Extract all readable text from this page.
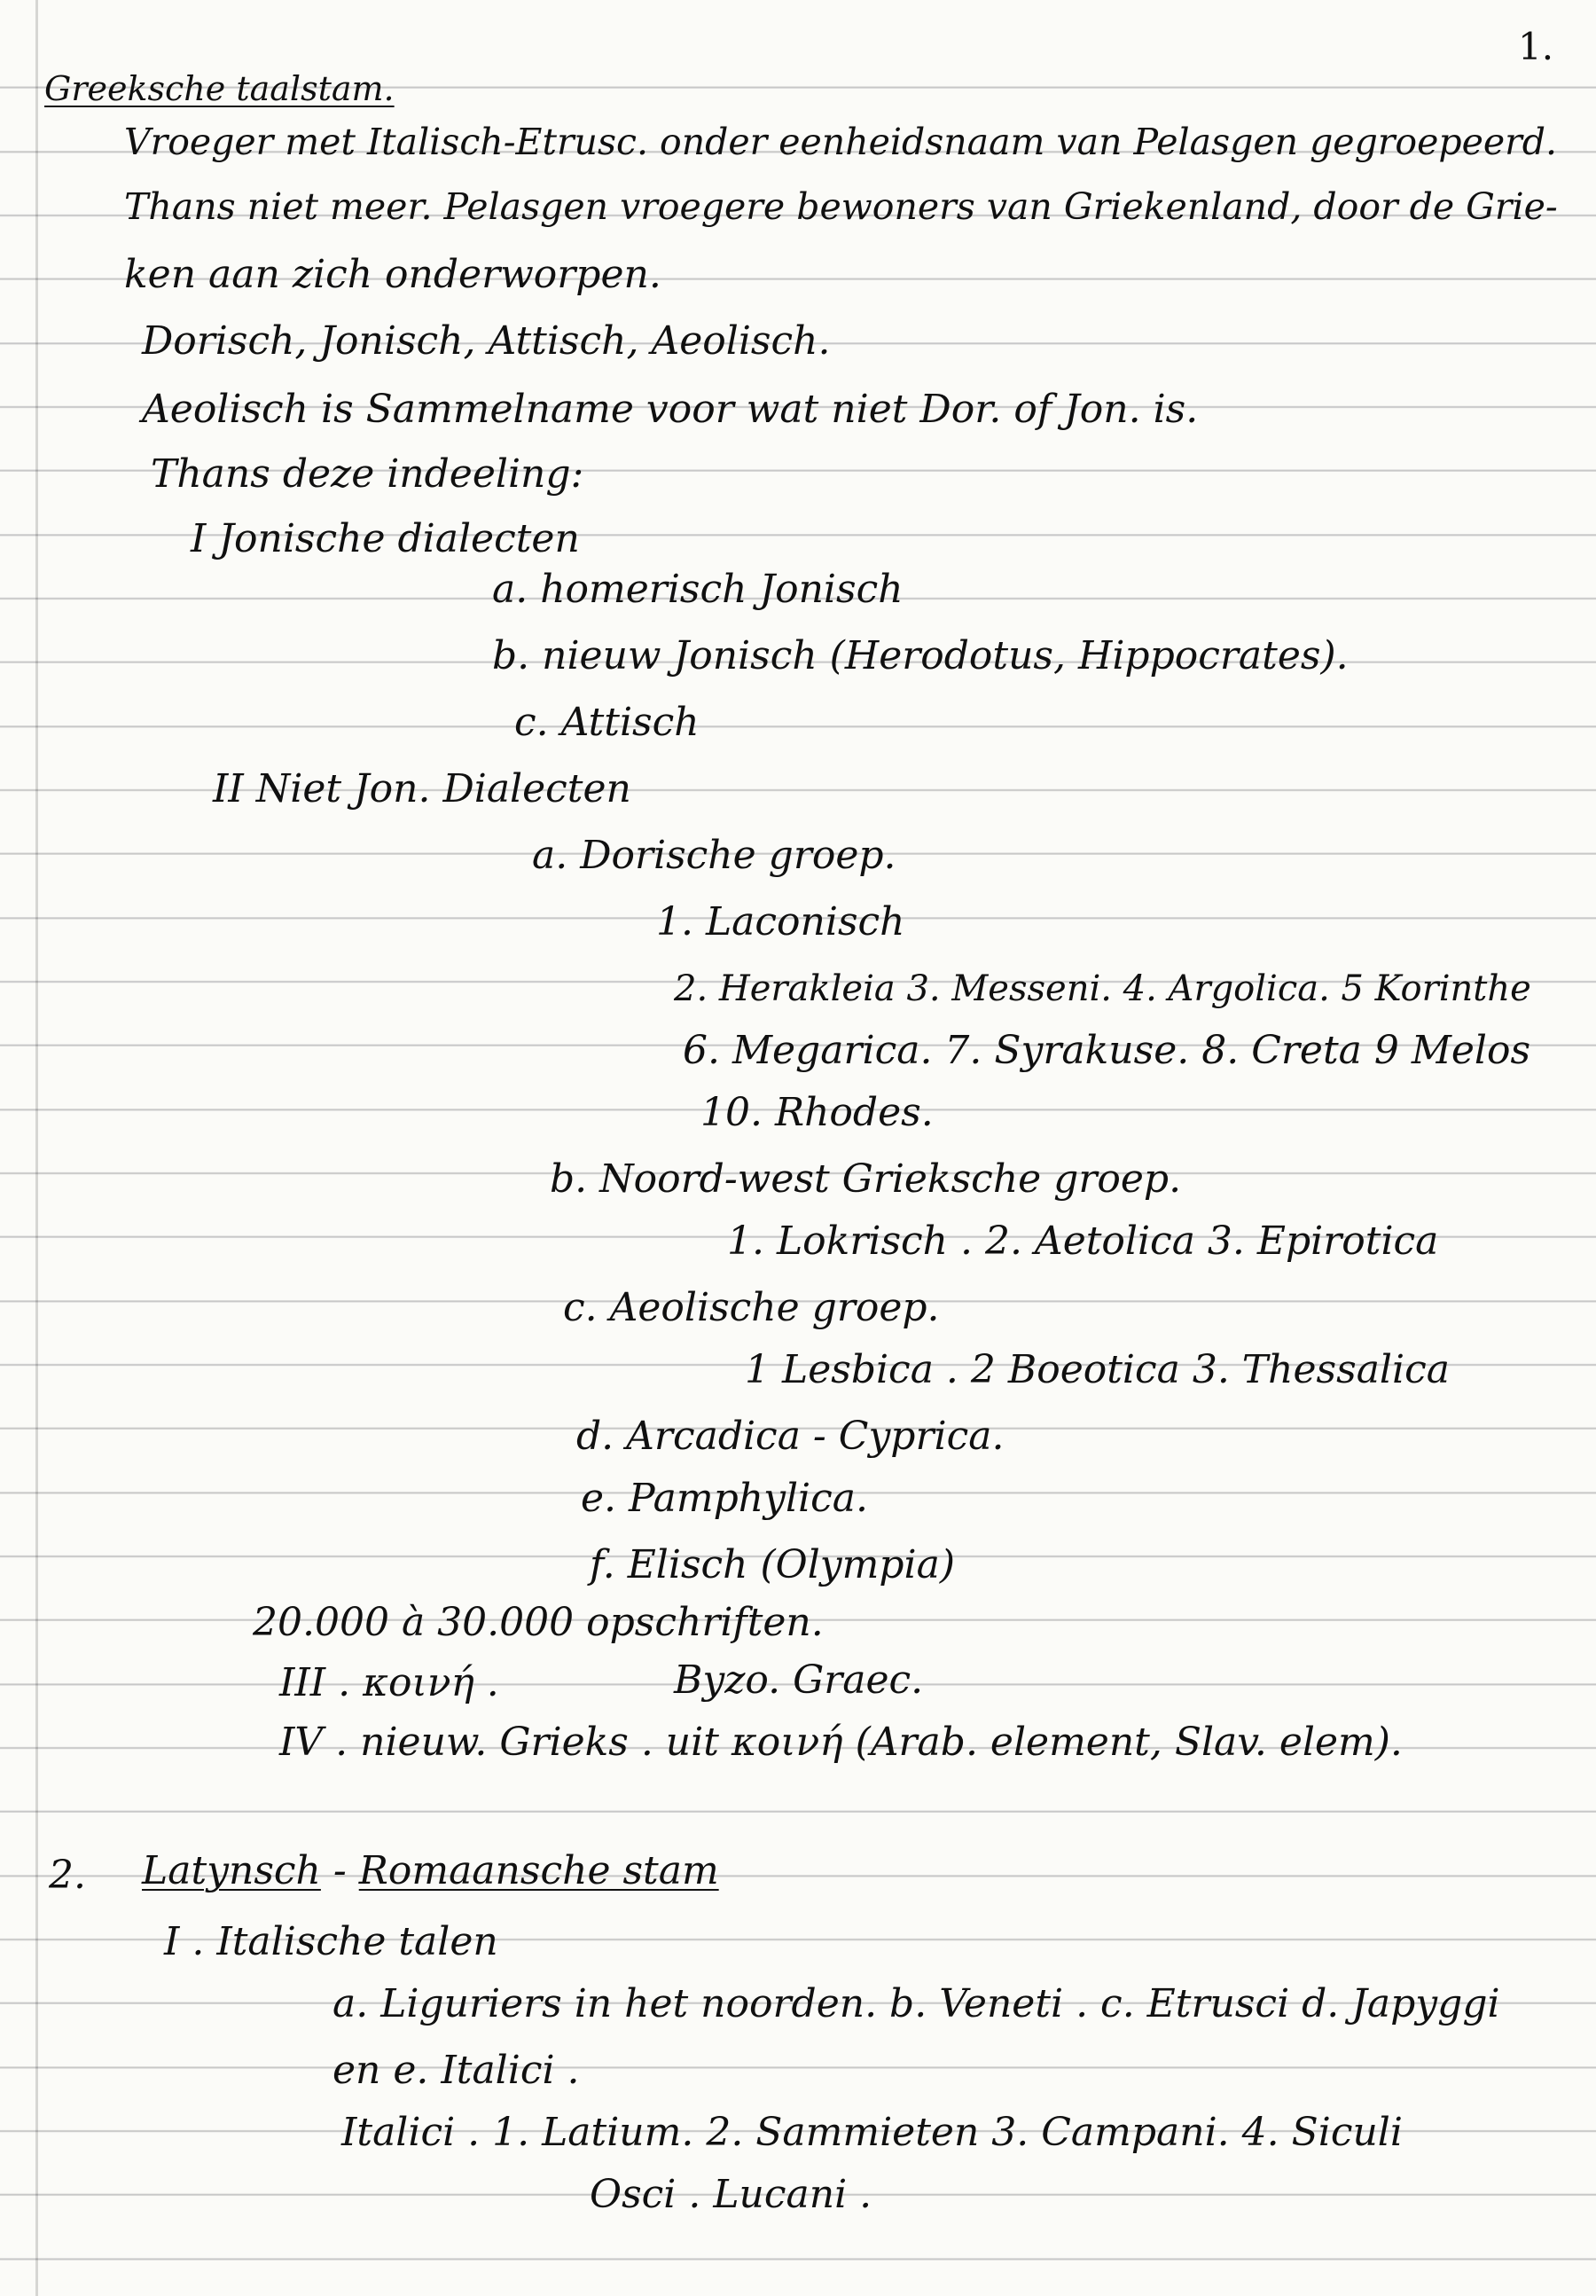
1.
Greeksche taalstam.
Vroeger met Italisch-Etrusc. onder eenheidsnaam van Pelasgen gegroepeerd.
Thans niet meer. Pelasgen vroegere bewoners van Griekenland, door de Grie-
ken aan zich onderworpen.
Dorisch, Jonisch, Attisch, Aeolisch.
Aeolisch is Sammelname voor wat niet Dor. of Jon. is.
Thans deze indeeling:
I Jonische dialecten
a. homerisch Jonisch
b. nieuw Jonisch (Herodotus, Hippocrates).
c. Attisch
II Niet Jon. Dialecten
a. Dorische groep.
1. Laconisch
2. Herakleia 3. Messeni. 4. Argolica. 5 Korinthe
6. Megarica. 7. Syrakuse. 8. Creta 9 Melos
10. Rhodes.
b. Noord-west Grieksche groep.
1. Lokrisch . 2. Aetolica 3. Epirotica
c. Aeolische groep.
1 Lesbica . 2 Boeotica 3. Thessalica
d. Arcadica - Cyprica.
e. Pamphylica.
f. Elisch (Olympia)
20.000 à 30.000 opschriften.
III . κοινή .	Byzo. Graec.
IV . nieuw. Grieks . uit κοινή (Arab. element, Slav. elem).
2. Latynsch - Romaansche stam
I . Italische talen
a. Liguriers in het noorden. b. Veneti . c. Etrusci d. Japyggi
en e. Italici .
Italici . 1. Latium. 2. Sammieten 3. Campani. 4. Siculi
Osci . Lucani .
